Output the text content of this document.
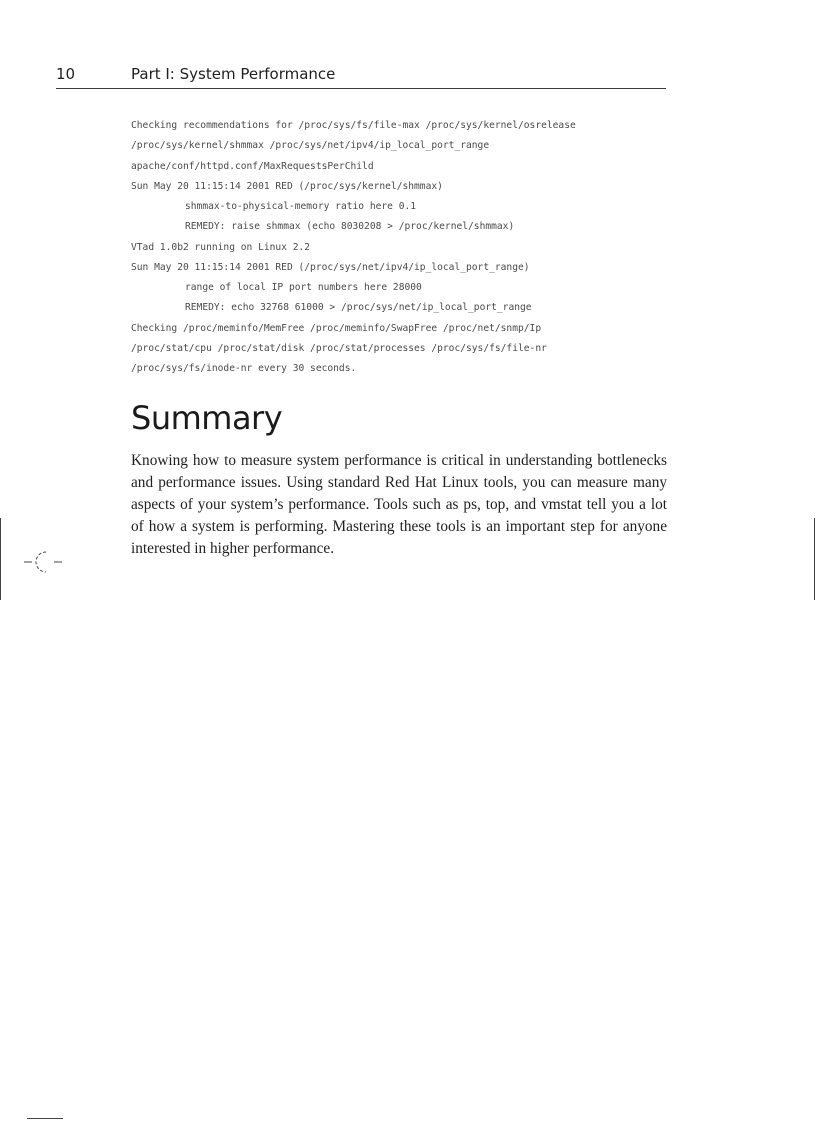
10	Part I: System Performance
Checking recommendations for /proc/sys/fs/file-max /proc/sys/kernel/osrelease
/proc/sys/kernel/shmmax /proc/sys/net/ipv4/ip_local_port_range
apache/conf/httpd.conf/MaxRequestsPerChild
Sun May 20 11:15:14 2001 RED (/proc/sys/kernel/shmmax)
shmmax-to-physical-memory ratio here 0.1
REMEDY: raise shmmax (echo 8030208 > /proc/kernel/shmmax)
VTad 1.0b2 running on Linux 2.2
Sun May 20 11:15:14 2001 RED (/proc/sys/net/ipv4/ip_local_port_range)
range of local IP port numbers here 28000
REMEDY: echo 32768 61000 > /proc/sys/net/ip_local_port_range
Checking /proc/meminfo/MemFree /proc/meminfo/SwapFree /proc/net/snmp/Ip
/proc/stat/cpu /proc/stat/disk /proc/stat/processes /proc/sys/fs/file-nr
/proc/sys/fs/inode-nr every 30 seconds.
Summary

Knowing how to measure system performance is critical in understanding bottlenecks and performance issues. Using standard Red Hat Linux tools, you can measure many aspects of your system’s performance. Tools such as ps, top, and vmstat tell you a lot of how a system is performing. Mastering these tools is an important step for anyone interested in higher performance.
